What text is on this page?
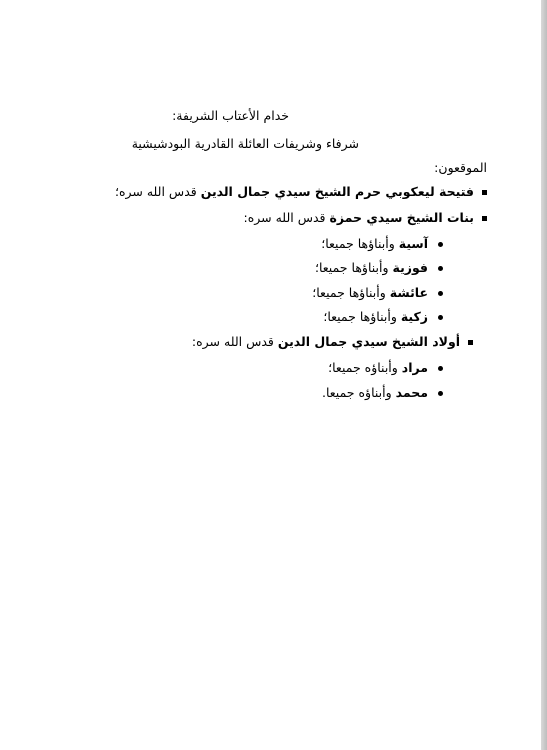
خدام الأعتاب الشريفة:
شرفاء وشريفات العائلة القادرية البودشيشية
الموقعون:
فتيحة ليعكوبي حرم الشيخ سيدي جمال الدين قدس الله سره؛
بنات الشيخ سيدي حمزة قدس الله سره:
آسية وأبناؤها جميعا؛
فوزية وأبناؤها جميعا؛
عائشة وأبناؤها جميعا؛
زكية وأبناؤها جميعا؛
أولاد الشيخ سيدي جمال الدين قدس الله سره:
مراد وأبناؤه جميعا؛
محمد وأبناؤه جميعا.
